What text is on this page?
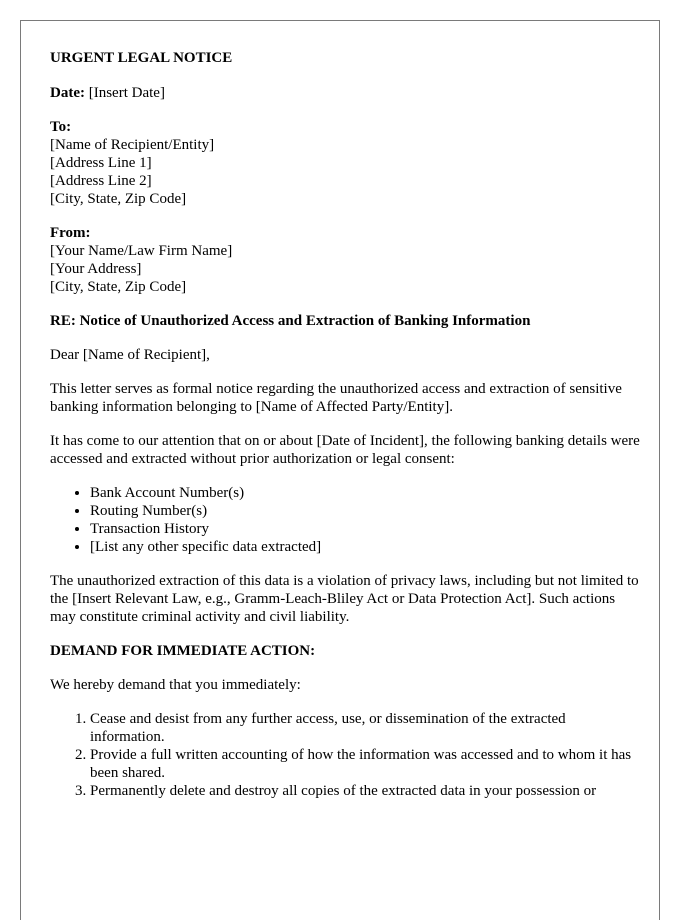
URGENT LEGAL NOTICE

Date: [Insert Date]

To:
[Name of Recipient/Entity]
[Address Line 1]
[Address Line 2]
[City, State, Zip Code]

From:
[Your Name/Law Firm Name]
[Your Address]
[City, State, Zip Code]

RE: Notice of Unauthorized Access and Extraction of Banking Information

Dear [Name of Recipient],

This letter serves as formal notice regarding the unauthorized access and extraction of sensitive banking information belonging to [Name of Affected Party/Entity].

It has come to our attention that on or about [Date of Incident], the following banking details were accessed and extracted without prior authorization or legal consent:

• Bank Account Number(s)
• Routing Number(s)
• Transaction History
• [List any other specific data extracted]

The unauthorized extraction of this data is a violation of privacy laws, including but not limited to the [Insert Relevant Law, e.g., Gramm-Leach-Bliley Act or Data Protection Act]. Such actions may constitute criminal activity and civil liability.

DEMAND FOR IMMEDIATE ACTION:

We hereby demand that you immediately:

1. Cease and desist from any further access, use, or dissemination of the extracted information.
2. Provide a full written accounting of how the information was accessed and to whom it has been shared.
3. Permanently delete and destroy all copies of the extracted data in your possession or
